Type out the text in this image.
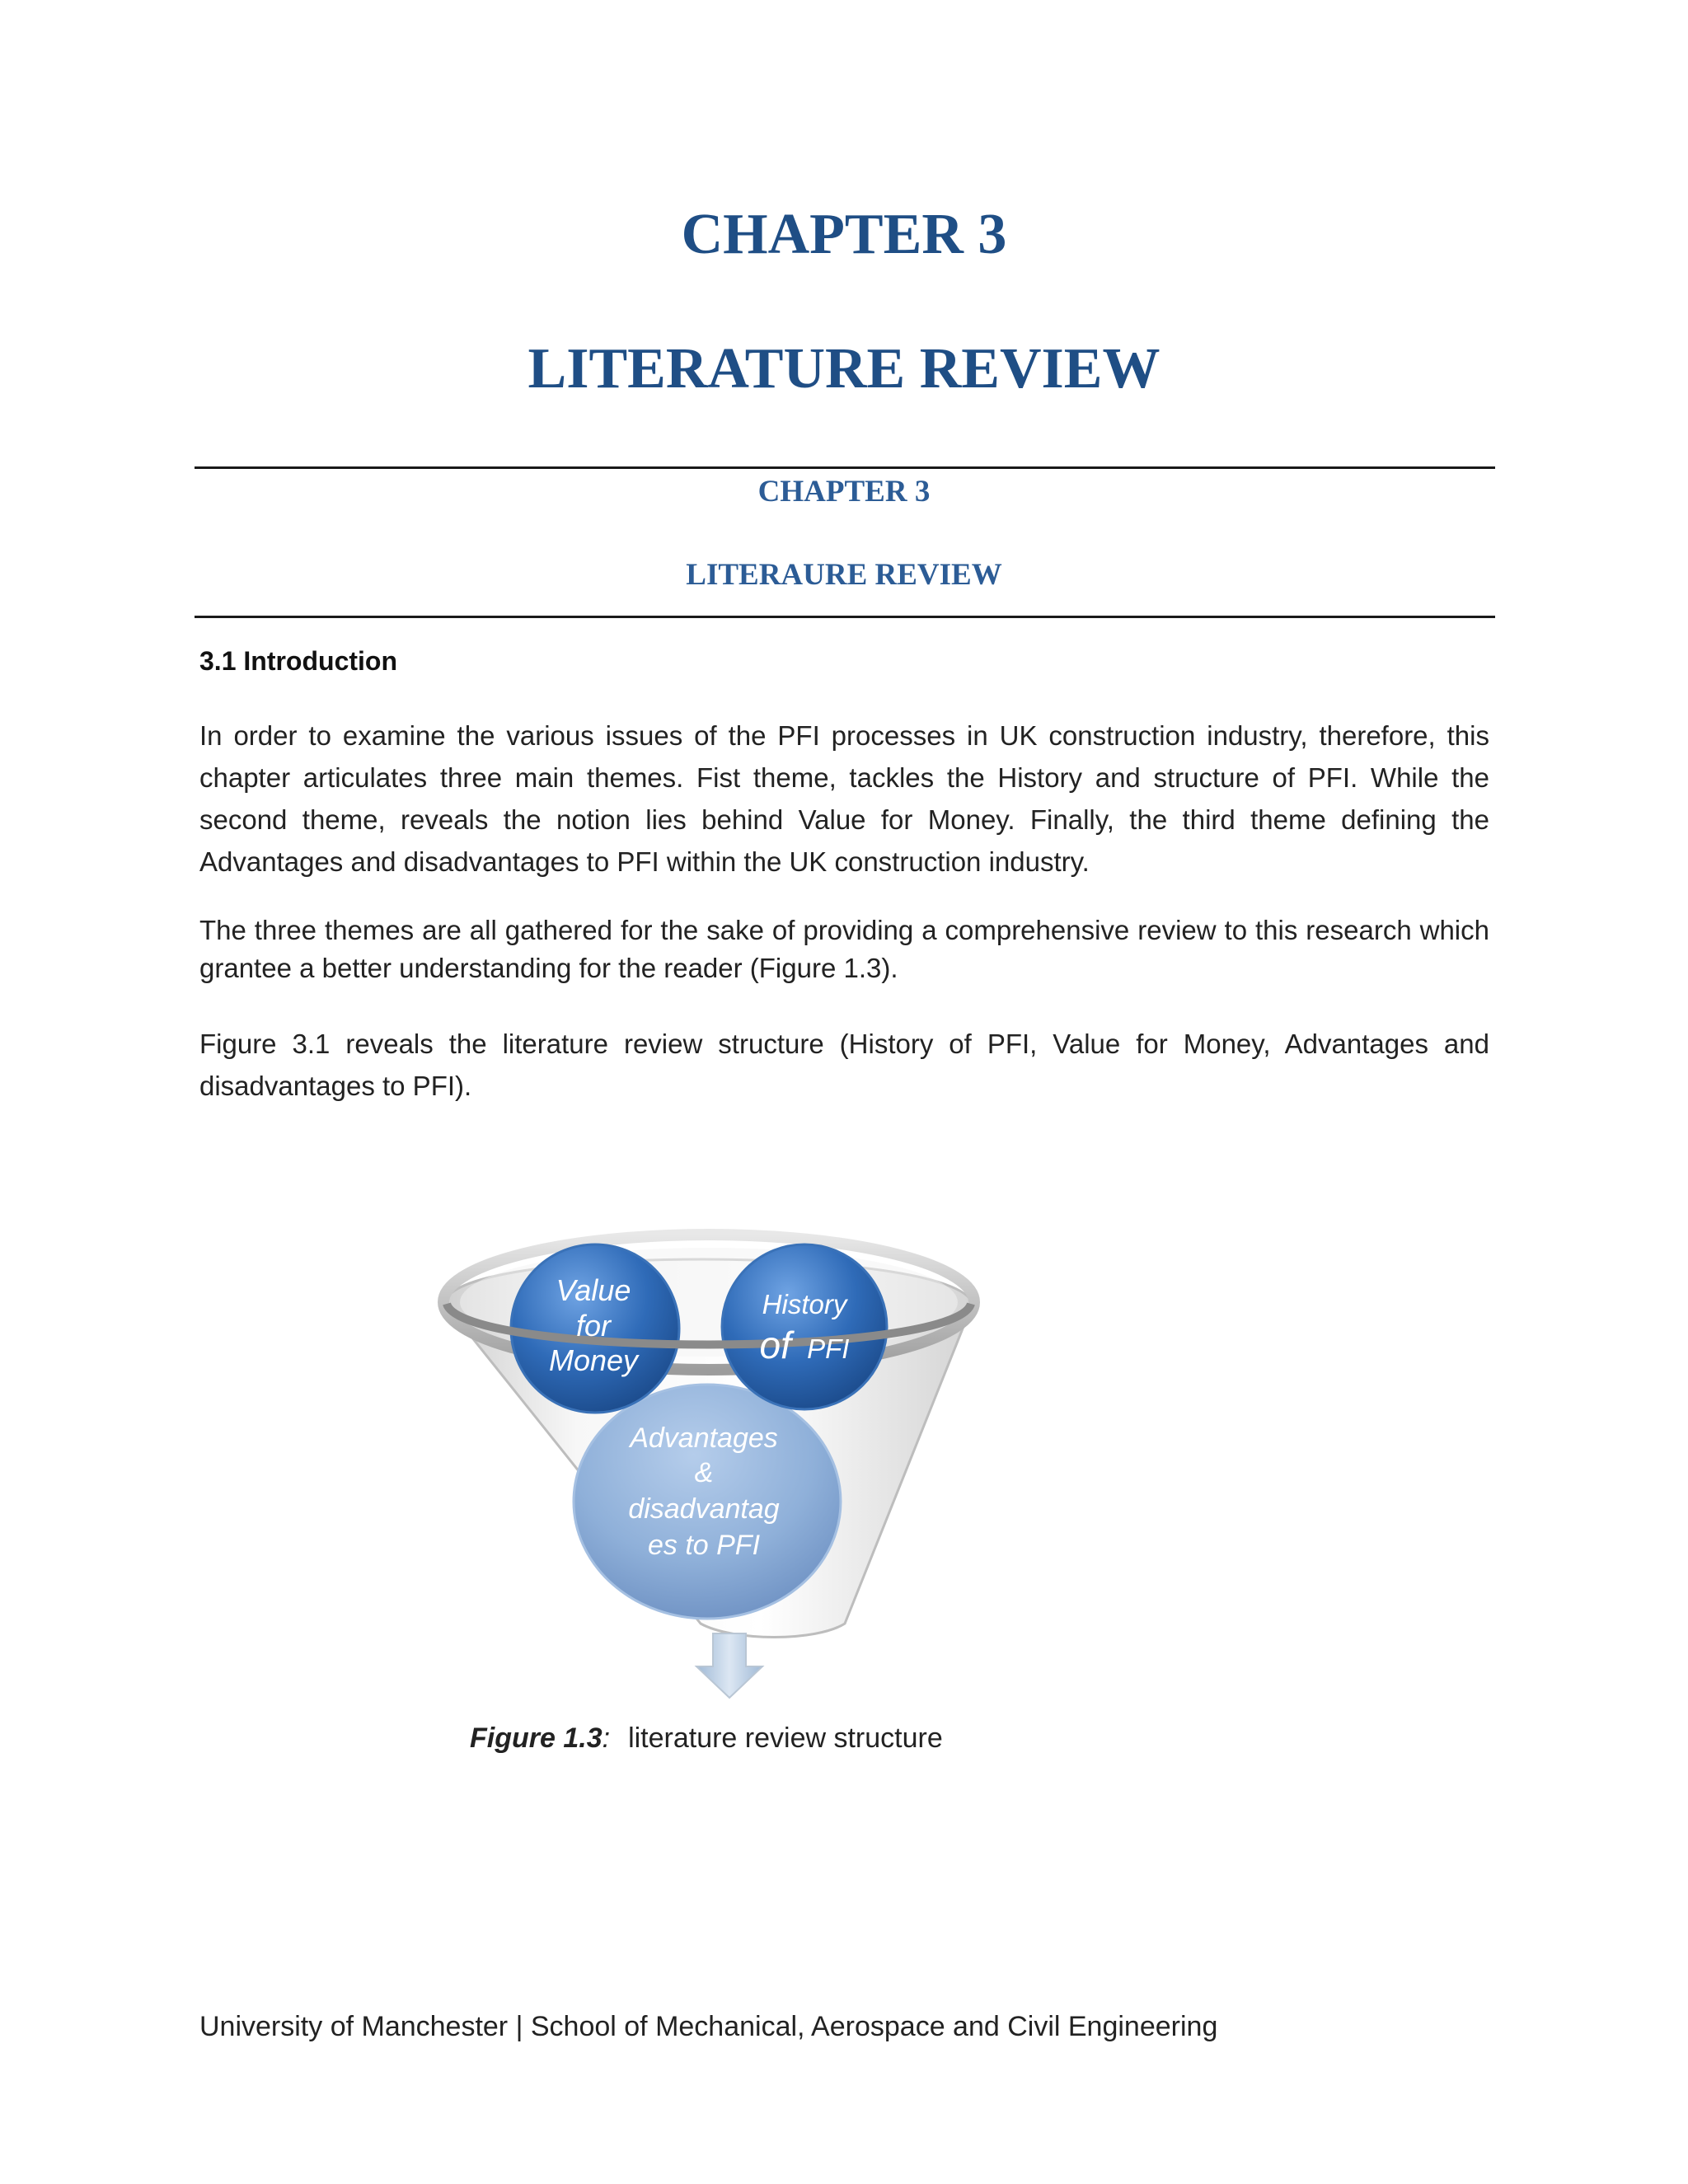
CHAPTER 3
LITERATURE REVIEW
CHAPTER 3
LITERAURE REVIEW
3.1 Introduction

In order to examine the various issues of the PFI processes in UK construction industry, therefore, this chapter articulates three main themes. Fist theme, tackles the History and structure of PFI. While the second theme, reveals the notion lies behind Value for Money. Finally, the third theme defining the Advantages and disadvantages to PFI within the UK construction industry.

The three themes are all gathered for the sake of providing a comprehensive review to this research which grantee a better understanding for the reader (Figure 1.3).

Figure 3.1 reveals the literature review structure (History of PFI, Value for Money, Advantages and disadvantages to PFI).

Value
for
Money
History
of PFI
Advantages
&
disadvantag
es to PFI
Figure 1.3: literature review structure
University of Manchester | School of Mechanical, Aerospace and Civil Engineering
